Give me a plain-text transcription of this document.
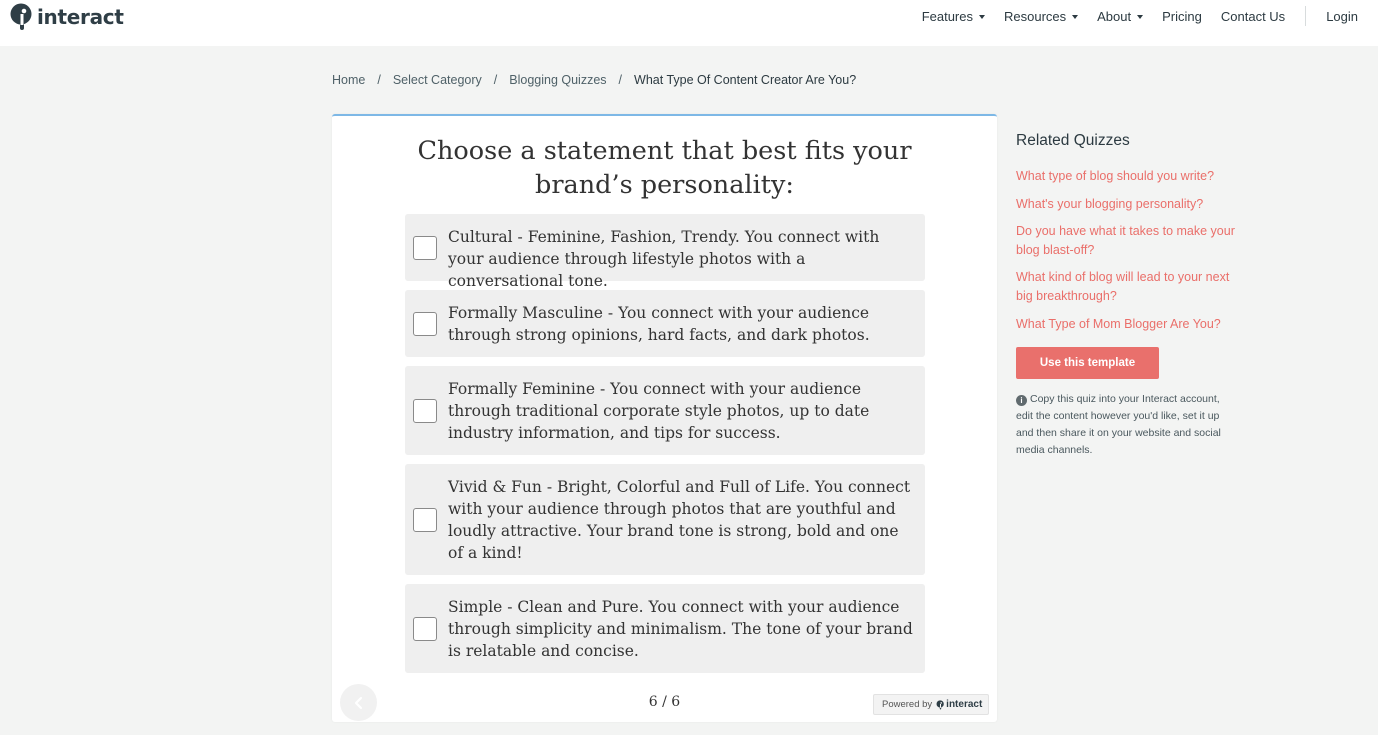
interact	Features Resources About Pricing Contact Us	Login
Home / Select Category / Blogging Quizzes / What Type Of Content Creator Are You?
Choose a statement that best fits your brand’s personality:
Cultural - Feminine, Fashion, Trendy. You connect with your audience through lifestyle photos with a conversational tone.
Formally Masculine - You connect with your audience through strong opinions, hard facts, and dark photos.
Formally Feminine - You connect with your audience through traditional corporate style photos, up to date industry information, and tips for success.
Vivid & Fun - Bright, Colorful and Full of Life. You connect with your audience through photos that are youthful and loudly attractive. Your brand tone is strong, bold and one of a kind!
Simple - Clean and Pure. You connect with your audience through simplicity and minimalism. The tone of your brand is relatable and concise.
6 / 6	Powered by interact
Related Quizzes
What type of blog should you write?
What's your blogging personality?
Do you have what it takes to make your blog blast-off?
What kind of blog will lead to your next big breakthrough?
What Type of Mom Blogger Are You?
Use this template
i Copy this quiz into your Interact account, edit the content however you'd like, set it up and then share it on your website and social media channels.
